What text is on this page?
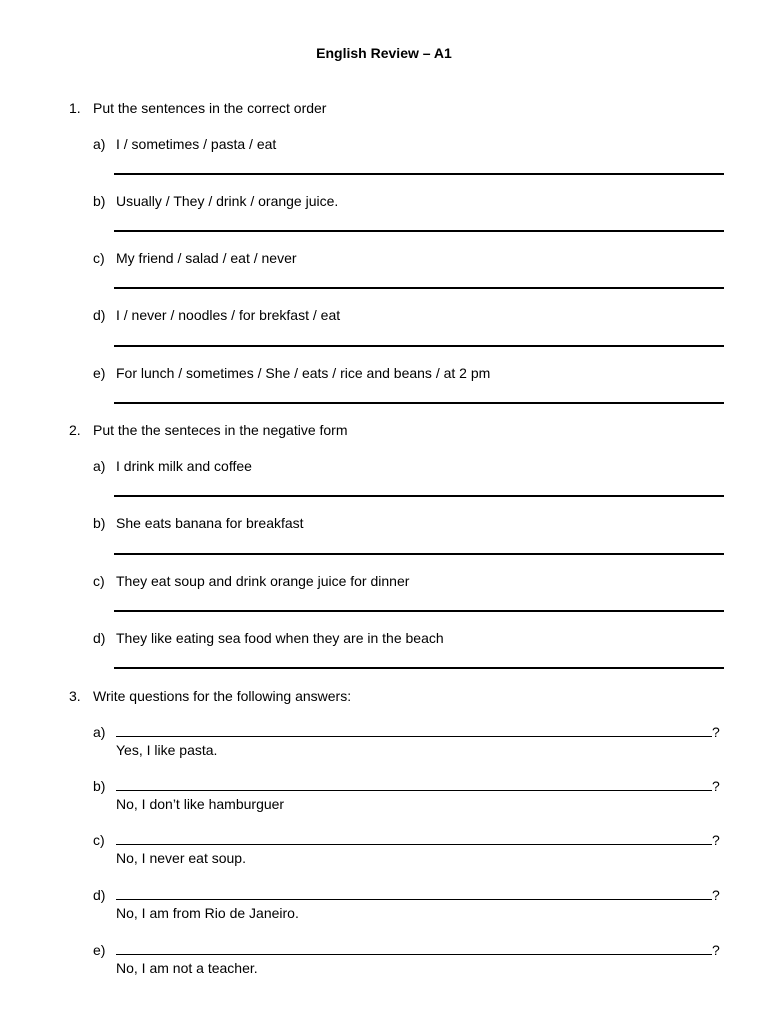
English Review – A1
1. Put the sentences in the correct order
a) I / sometimes / pasta / eat
b) Usually / They / drink / orange juice.
c) My friend / salad / eat / never
d) I / never / noodles / for brekfast / eat
e) For lunch / sometimes / She / eats / rice and beans / at 2 pm
2. Put the the senteces in the negative form
a) I drink milk and coffee
b) She eats banana for breakfast
c) They eat soup and drink orange juice for dinner
d) They like eating sea food when they are in the beach
3. Write questions for the following answers:
a)	?
Yes, I like pasta.
b)	?
No, I don’t like hamburguer
c)	?
No, I never eat soup.
d)	?
No, I am from Rio de Janeiro.
e)	?
No, I am not a teacher.
